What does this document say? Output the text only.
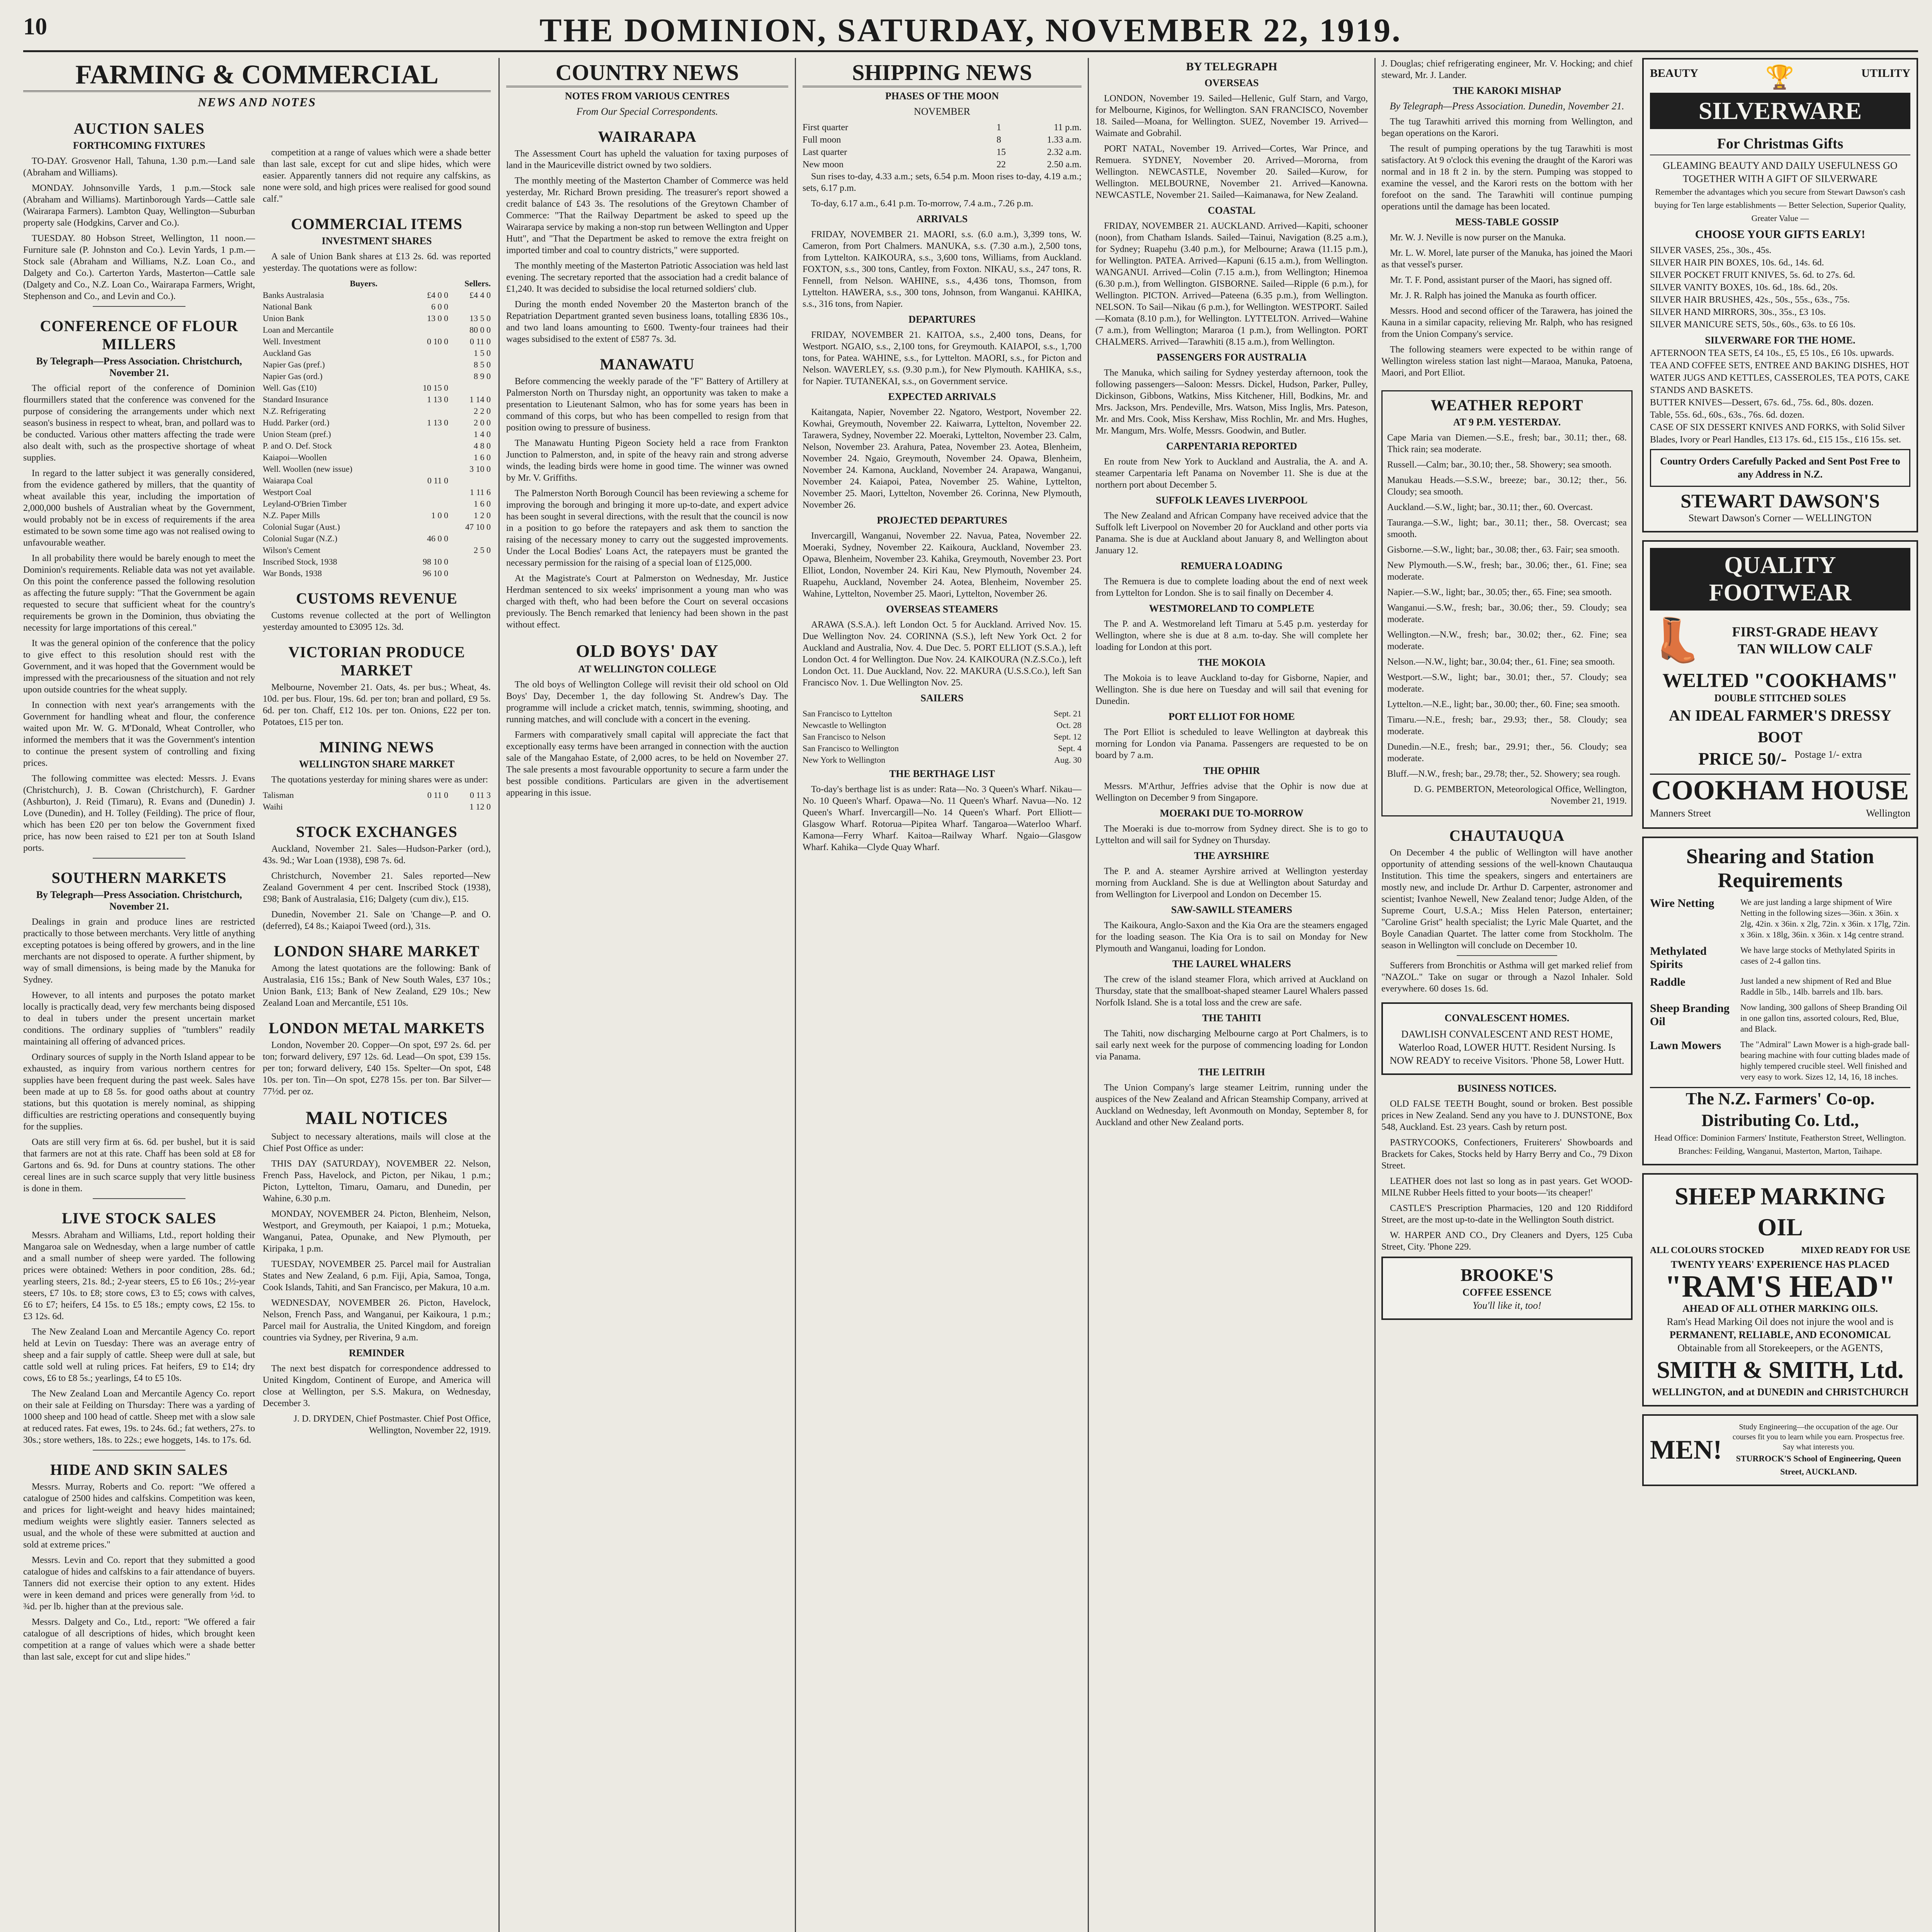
10	THE DOMINION, SATURDAY, NOVEMBER 22, 1919.
FARMING & COMMERCIAL
NEWS AND NOTES
AUCTION SALES
FORTHCOMING FIXTURES

TO-DAY. Grosvenor Hall, Tahuna, 1.30 p.m.—Land sale (Abraham and Williams).

MONDAY. Johnsonville Yards, 1 p.m.—Stock sale (Abraham and Williams). Martinborough Yards—Cattle sale (Wairarapa Farmers). Lambton Quay, Wellington—Suburban property sale (Hodgkins, Carver and Co.).

TUESDAY. 80 Hobson Street, Wellington, 11 noon.—Furniture sale (P. Johnston and Co.). Levin Yards, 1 p.m.—Stock sale (Abraham and Williams, N.Z. Loan Co., and Dalgety and Co.). Carterton Yards, Masterton—Cattle sale (Dalgety and Co., N.Z. Loan Co., Wairarapa Farmers, Wright, Stephenson and Co., and Levin and Co.).

CONFERENCE OF FLOUR MILLERS
By Telegraph—Press Association. Christchurch, November 21.

The official report of the conference of Dominion flourmillers stated that the conference was convened for the purpose of considering the arrangements under which next season's business in respect to wheat, bran, and pollard was to be conducted. Various other matters affecting the trade were also dealt with, such as the prospective shortage of wheat supplies.

In regard to the latter subject it was generally considered, from the evidence gathered by millers, that the quantity of wheat available this year, including the importation of 2,000,000 bushels of Australian wheat by the Government, would probably not be in excess of requirements if the area estimated to be sown some time ago was not realised owing to unfavourable weather.

In all probability there would be barely enough to meet the Dominion's requirements. Reliable data was not yet available. On this point the conference passed the following resolution as affecting the future supply: "That the Government be again requested to secure that sufficient wheat for the country's requirements be grown in the Dominion, thus obviating the necessity for large importations of this cereal."

It was the general opinion of the conference that the policy to give effect to this resolution should rest with the Government, and it was hoped that the Government would be impressed with the precariousness of the situation and not rely upon outside countries for the wheat supply.

In connection with next year's arrangements with the Government for handling wheat and flour, the conference waited upon Mr. W. G. M'Donald, Wheat Controller, who informed the members that it was the Government's intention to continue the present system of controlling and fixing prices.

The following committee was elected: Messrs. J. Evans (Christchurch), J. B. Cowan (Christchurch), F. Gardner (Ashburton), J. Reid (Timaru), R. Evans and (Dunedin) J. Love (Dunedin), and H. Tolley (Feilding). The price of flour, which has been £20 per ton below the Government fixed price, has now been raised to £21 per ton at South Island ports.

SOUTHERN MARKETS
By Telegraph—Press Association. Christchurch, November 21.

Dealings in grain and produce lines are restricted practically to those between merchants. Very little of anything excepting potatoes is being offered by growers, and in the line merchants are not disposed to operate. A further shipment, by way of small dimensions, is being made by the Manuka for Sydney.

However, to all intents and purposes the potato market locally is practically dead, very few merchants being disposed to deal in tubers under the present uncertain market conditions. The ordinary supplies of "tumblers" readily maintaining all offering of advanced prices.

Ordinary sources of supply in the North Island appear to be exhausted, as inquiry from various northern centres for supplies have been frequent during the past week. Sales have been made at up to £8 5s. for good oaths about at country stations, but this quotation is merely nominal, as shipping difficulties are restricting operations and consequently buying for the supplies.

Oats are still very firm at 6s. 6d. per bushel, but it is said that farmers are not at this rate. Chaff has been sold at £8 for Gartons and 6s. 9d. for Duns at country stations. The other cereal lines are in such scarce supply that very little business is done in them.

LIVE STOCK SALES

Messrs. Abraham and Williams, Ltd., report holding their Mangaroa sale on Wednesday, when a large number of cattle and a small number of sheep were yarded. The following prices were obtained: Wethers in poor condition, 28s. 6d.; yearling steers, 21s. 8d.; 2-year steers, £5 to £6 10s.; 2½-year steers, £7 10s. to £8; store cows, £3 to £5; cows with calves, £6 to £7; heifers, £4 15s. to £5 18s.; empty cows, £2 15s. to £3 12s. 6d.

The New Zealand Loan and Mercantile Agency Co. report held at Levin on Tuesday: There was an average entry of sheep and a fair supply of cattle. Sheep were dull at sale, but cattle sold well at ruling prices. Fat heifers, £9 to £14; dry cows, £6 to £8 5s.; yearlings, £4 to £5 10s.

The New Zealand Loan and Mercantile Agency Co. report on their sale at Feilding on Thursday: There was a yarding of 1000 sheep and 100 head of cattle. Sheep met with a slow sale at reduced rates. Fat ewes, 19s. to 24s. 6d.; fat wethers, 27s. to 30s.; store wethers, 18s. to 22s.; ewe hoggets, 14s. to 17s. 6d.

HIDE AND SKIN SALES

Messrs. Murray, Roberts and Co. report: "We offered a catalogue of 2500 hides and calfskins. Competition was keen, and prices for light-weight and heavy hides maintained; medium weights were slightly easier. Tanners selected as usual, and the whole of these were submitted at auction and sold at extreme prices."

Messrs. Levin and Co. report that they submitted a good catalogue of hides and calfskins to a fair attendance of buyers. Tanners did not exercise their option to any extent. Hides were in keen demand and prices were generally from ½d. to ¾d. per lb. higher than at the previous sale.

Messrs. Dalgety and Co., Ltd., report: "We offered a fair catalogue of all descriptions of hides, which brought keen competition at a range of values which were a shade better than last sale, except for cut and slipe hides."

competition at a range of values which were a shade better than last sale, except for cut and slipe hides, which were easier. Apparently tanners did not require any calfskins, as none were sold, and high prices were realised for good sound calf."

COMMERCIAL ITEMS
INVESTMENT SHARES

A sale of Union Bank shares at £13 2s. 6d. was reported yesterday. The quotations were as follow:

Buyers.	Sellers.
Banks Australasia	£4 0 0	£4 4 0
National Bank	6 0 0
Union Bank	13 0 0	13 5 0
Loan and Mercantile	80 0 0
Well. Investment	0 10 0	0 11 0
Auckland Gas	1 5 0
Napier Gas (pref.)	8 5 0
Napier Gas (ord.)	8 9 0
Well. Gas (£10)	10 15 0
Standard Insurance	1 13 0	1 14 0
N.Z. Refrigerating	2 2 0
Hudd. Parker (ord.)	1 13 0	2 0 0
Union Steam (pref.)	1 4 0
P. and O. Def. Stock	4 8 0
Kaiapoi—Woollen	1 6 0
Well. Woollen (new issue)	3 10 0
Waiarapa Coal	0 11 0
Westport Coal	1 11 6
Leyland-O'Brien Timber	1 6 0
N.Z. Paper Mills	1 0 0	1 2 0
Colonial Sugar (Aust.)	47 10 0
Colonial Sugar (N.Z.)	46 0 0
Wilson's Cement	2 5 0
Inscribed Stock, 1938	98 10 0
War Bonds, 1938	96 10 0
CUSTOMS REVENUE

Customs revenue collected at the port of Wellington yesterday amounted to £3095 12s. 3d.

VICTORIAN PRODUCE MARKET

Melbourne, November 21. Oats, 4s. per bus.; Wheat, 4s. 10d. per bus. Flour, 19s. 6d. per ton; bran and pollard, £9 5s. 6d. per ton. Chaff, £12 10s. per ton. Onions, £22 per ton. Potatoes, £15 per ton.

MINING NEWS
WELLINGTON SHARE MARKET

The quotations yesterday for mining shares were as under:

Talisman	0 11 0	0 11 3
Waihi	1 12 0
STOCK EXCHANGES

Auckland, November 21. Sales—Hudson-Parker (ord.), 43s. 9d.; War Loan (1938), £98 7s. 6d.

Christchurch, November 21. Sales reported—New Zealand Government 4 per cent. Inscribed Stock (1938), £98; Bank of Australasia, £16; Dalgety (cum div.), £15.

Dunedin, November 21. Sale on 'Change—P. and O. (deferred), £4 8s.; Kaiapoi Tweed (ord.), 31s.

LONDON SHARE MARKET

Among the latest quotations are the following: Bank of Australasia, £16 15s.; Bank of New South Wales, £37 10s.; Union Bank, £13; Bank of New Zealand, £29 10s.; New Zealand Loan and Mercantile, £51 10s.

LONDON METAL MARKETS

London, November 20. Copper—On spot, £97 2s. 6d. per ton; forward delivery, £97 12s. 6d. Lead—On spot, £39 15s. per ton; forward delivery, £40 15s. Spelter—On spot, £48 10s. per ton. Tin—On spot, £278 15s. per ton. Bar Silver—77½d. per oz.

MAIL NOTICES

Subject to necessary alterations, mails will close at the Chief Post Office as under:

THIS DAY (SATURDAY), NOVEMBER 22. Nelson, French Pass, Havelock, and Picton, per Nikau, 1 p.m.; Picton, Lyttelton, Timaru, Oamaru, and Dunedin, per Wahine, 6.30 p.m.

MONDAY, NOVEMBER 24. Picton, Blenheim, Nelson, Westport, and Greymouth, per Kaiapoi, 1 p.m.; Motueka, Wanganui, Patea, Opunake, and New Plymouth, per Kiripaka, 1 p.m.

TUESDAY, NOVEMBER 25. Parcel mail for Australian States and New Zealand, 6 p.m. Fiji, Apia, Samoa, Tonga, Cook Islands, Tahiti, and San Francisco, per Makura, 10 a.m.

WEDNESDAY, NOVEMBER 26. Picton, Havelock, Nelson, French Pass, and Wanganui, per Kaikoura, 1 p.m.; Parcel mail for Australia, the United Kingdom, and foreign countries via Sydney, per Riverina, 9 a.m.

REMINDER

The next best dispatch for correspondence addressed to United Kingdom, Continent of Europe, and America will close at Wellington, per S.S. Makura, on Wednesday, December 3.

J. D. DRYDEN, Chief Postmaster. Chief Post Office, Wellington, November 22, 1919.

COUNTRY NEWS
NOTES FROM VARIOUS CENTRES
From Our Special Correspondents.
WAIRARAPA

The Assessment Court has upheld the valuation for taxing purposes of land in the Mauriceville district owned by two soldiers.

The monthly meeting of the Masterton Chamber of Commerce was held yesterday, Mr. Richard Brown presiding. The treasurer's report showed a credit balance of £43 3s. The resolutions of the Greytown Chamber of Commerce: "That the Railway Department be asked to speed up the Wairarapa service by making a non-stop run between Wellington and Upper Hutt", and "That the Department be asked to remove the extra freight on imported timber and coal to country districts," were supported.

The monthly meeting of the Masterton Patriotic Association was held last evening. The secretary reported that the association had a credit balance of £1,240. It was decided to subsidise the local returned soldiers' club.

During the month ended November 20 the Masterton branch of the Repatriation Department granted seven business loans, totalling £836 10s., and two land loans amounting to £600. Twenty-four trainees had their wages subsidised to the extent of £587 7s. 3d.

MANAWATU

Before commencing the weekly parade of the "F" Battery of Artillery at Palmerston North on Thursday night, an opportunity was taken to make a presentation to Lieutenant Salmon, who has for some years has been in command of this corps, but who has been compelled to resign from that position owing to pressure of business.

The Manawatu Hunting Pigeon Society held a race from Frankton Junction to Palmerston, and, in spite of the heavy rain and strong adverse winds, the leading birds were home in good time. The winner was owned by Mr. V. Griffiths.

The Palmerston North Borough Council has been reviewing a scheme for improving the borough and bringing it more up-to-date, and expert advice has been sought in several directions, with the result that the council is now in a position to go before the ratepayers and ask them to sanction the raising of the necessary money to carry out the suggested improvements. Under the Local Bodies' Loans Act, the ratepayers must be granted the necessary permission for the raising of a special loan of £125,000.

At the Magistrate's Court at Palmerston on Wednesday, Mr. Justice Herdman sentenced to six weeks' imprisonment a young man who was charged with theft, who had been before the Court on several occasions previously. The Bench remarked that leniency had been shown in the past without effect.

OLD BOYS' DAY
AT WELLINGTON COLLEGE

The old boys of Wellington College will revisit their old school on Old Boys' Day, December 1, the day following St. Andrew's Day. The programme will include a cricket match, tennis, swimming, shooting, and running matches, and will conclude with a concert in the evening.

Farmers with comparatively small capital will appreciate the fact that exceptionally easy terms have been arranged in connection with the auction sale of the Mangahao Estate, of 2,000 acres, to be held on November 27. The sale presents a most favourable opportunity to secure a farm under the best possible conditions. Particulars are given in the advertisement appearing in this issue.

SHIPPING NEWS
PHASES OF THE MOON
NOVEMBER
First quarter	1	11 p.m.
Full moon	8	1.33 a.m.
Last quarter	15	2.32 a.m.
New moon	22	2.50 a.m.

Sun rises to-day, 4.33 a.m.; sets, 6.54 p.m. Moon rises to-day, 4.19 a.m.; sets, 6.17 p.m.

To-day, 6.17 a.m., 6.41 p.m. To-morrow, 7.4 a.m., 7.26 p.m.

ARRIVALS

FRIDAY, NOVEMBER 21. MAORI, s.s. (6.0 a.m.), 3,399 tons, W. Cameron, from Port Chalmers. MANUKA, s.s. (7.30 a.m.), 2,500 tons, from Lyttelton. KAIKOURA, s.s., 3,600 tons, Williams, from Auckland. FOXTON, s.s., 300 tons, Cantley, from Foxton. NIKAU, s.s., 247 tons, R. Fennell, from Nelson. WAHINE, s.s., 4,436 tons, Thomson, from Lyttelton. HAWERA, s.s., 300 tons, Johnson, from Wanganui. KAHIKA, s.s., 316 tons, from Napier.

DEPARTURES

FRIDAY, NOVEMBER 21. KAITOA, s.s., 2,400 tons, Deans, for Westport. NGAIO, s.s., 2,100 tons, for Greymouth. KAIAPOI, s.s., 1,700 tons, for Patea. WAHINE, s.s., for Lyttelton. MAORI, s.s., for Picton and Nelson. WAVERLEY, s.s. (9.30 p.m.), for New Plymouth. KAHIKA, s.s., for Napier. TUTANEKAI, s.s., on Government service.

EXPECTED ARRIVALS

Kaitangata, Napier, November 22. Ngatoro, Westport, November 22. Kowhai, Greymouth, November 22. Kaiwarra, Lyttelton, November 22. Tarawera, Sydney, November 22. Moeraki, Lyttelton, November 23. Calm, Nelson, November 23. Arahura, Patea, November 23. Aotea, Blenheim, November 24. Ngaio, Greymouth, November 24. Opawa, Blenheim, November 24. Kamona, Auckland, November 24. Arapawa, Wanganui, November 24. Kaiapoi, Patea, November 25. Wahine, Lyttelton, November 25. Maori, Lyttelton, November 26. Corinna, New Plymouth, November 26.

PROJECTED DEPARTURES

Invercargill, Wanganui, November 22. Navua, Patea, November 22. Moeraki, Sydney, November 22. Kaikoura, Auckland, November 23. Opawa, Blenheim, November 23. Kahika, Greymouth, November 23. Port Elliot, London, November 24. Kiri Kau, New Plymouth, November 24. Ruapehu, Auckland, November 24. Aotea, Blenheim, November 25. Wahine, Lyttelton, November 25. Maori, Lyttelton, November 26.

OVERSEAS STEAMERS

ARAWA (S.S.A.). left London Oct. 5 for Auckland. Arrived Nov. 15. Due Wellington Nov. 24. CORINNA (S.S.), left New York Oct. 2 for Auckland and Australia, Nov. 4. Due Dec. 5. PORT ELLIOT (S.S.A.), left London Oct. 4 for Wellington. Due Nov. 24. KAIKOURA (N.Z.S.Co.), left London Oct. 11. Due Auckland, Nov. 22. MAKURA (U.S.S.Co.), left San Francisco Nov. 1. Due Wellington Nov. 25.

SAILERS
San Francisco to Lyttelton	Sept. 21
Newcastle to Wellington	Oct. 28
San Francisco to Nelson	Sept. 12
San Francisco to Wellington	Sept. 4
New York to Wellington	Aug. 30
THE BERTHAGE LIST

To-day's berthage list is as under: Rata—No. 3 Queen's Wharf. Nikau—No. 10 Queen's Wharf. Opawa—No. 11 Queen's Wharf. Navua—No. 12 Queen's Wharf. Invercargill—No. 14 Queen's Wharf. Port Elliott—Glasgow Wharf. Rotorua—Pipitea Wharf. Tangaroa—Waterloo Wharf. Kamona—Ferry Wharf. Kaitoa—Railway Wharf. Ngaio—Glasgow Wharf. Kahika—Clyde Quay Wharf.

BY TELEGRAPH
OVERSEAS

LONDON, November 19. Sailed—Hellenic, Gulf Starn, and Vargo, for Melbourne, Kiginos, for Wellington. SAN FRANCISCO, November 18. Sailed—Moana, for Wellington. SUEZ, November 19. Arrived—Waimate and Gobrahil.

PORT NATAL, November 19. Arrived—Cortes, War Prince, and Remuera. SYDNEY, November 20. Arrived—Mororna, from Wellington. NEWCASTLE, November 20. Sailed—Kurow, for Wellington. MELBOURNE, November 21. Arrived—Kanowna. NEWCASTLE, November 21. Sailed—Kaimanawa, for New Zealand.

COASTAL

FRIDAY, NOVEMBER 21. AUCKLAND. Arrived—Kapiti, schooner (noon), from Chatham Islands. Sailed—Tainui, Navigation (8.25 a.m.), for Sydney; Ruapehu (3.40 p.m.), for Melbourne; Arawa (11.15 p.m.), for Wellington. PATEA. Arrived—Kapuni (6.15 a.m.), from Wellington. WANGANUI. Arrived—Colin (7.15 a.m.), from Wellington; Hinemoa (6.30 p.m.), from Wellington. GISBORNE. Sailed—Ripple (6 p.m.), for Wellington. PICTON. Arrived—Pateena (6.35 p.m.), from Wellington. NELSON. To Sail—Nikau (6 p.m.), for Wellington. WESTPORT. Sailed—Komata (8.10 p.m.), for Wellington. LYTTELTON. Arrived—Wahine (7 a.m.), from Wellington; Mararoa (1 p.m.), from Wellington. PORT CHALMERS. Arrived—Tarawhiti (8.15 a.m.), from Wellington.

PASSENGERS FOR AUSTRALIA

The Manuka, which sailing for Sydney yesterday afternoon, took the following passengers—Saloon: Messrs. Dickel, Hudson, Parker, Pulley, Dickinson, Gibbons, Watkins, Miss Kitchener, Hill, Bodkins, Mr. and Mrs. Jackson, Mrs. Pendeville, Mrs. Watson, Miss Inglis, Mrs. Pateson, Mr. and Mrs. Cook, Miss Kershaw, Miss Rochlin, Mr. and Mrs. Hughes, Mr. Mangum, Mrs. Wolfe, Messrs. Goodwin, and Butler.

CARPENTARIA REPORTED

En route from New York to Auckland and Australia, the A. and A. steamer Carpentaria left Panama on November 11. She is due at the northern port about December 5.

SUFFOLK LEAVES LIVERPOOL

The New Zealand and African Company have received advice that the Suffolk left Liverpool on November 20 for Auckland and other ports via Panama. She is due at Auckland about January 8, and Wellington about January 12.

REMUERA LOADING

The Remuera is due to complete loading about the end of next week from Lyttelton for London. She is to sail finally on December 4.

WESTMORELAND TO COMPLETE

The P. and A. Westmoreland left Timaru at 5.45 p.m. yesterday for Wellington, where she is due at 8 a.m. to-day. She will complete her loading for London at this port.

THE MOKOIA

The Mokoia is to leave Auckland to-day for Gisborne, Napier, and Wellington. She is due here on Tuesday and will sail that evening for Dunedin.

PORT ELLIOT FOR HOME

The Port Elliot is scheduled to leave Wellington at daybreak this morning for London via Panama. Passengers are requested to be on board by 7 a.m.

THE OPHIR

Messrs. M'Arthur, Jeffries advise that the Ophir is now due at Wellington on December 9 from Singapore.

MOERAKI DUE TO-MORROW

The Moeraki is due to-morrow from Sydney direct. She is to go to Lyttelton and will sail for Sydney on Thursday.

THE AYRSHIRE

The P. and A. steamer Ayrshire arrived at Wellington yesterday morning from Auckland. She is due at Wellington about Saturday and from Wellington for Liverpool and London on December 15.

SAW-SAWILL STEAMERS

The Kaikoura, Anglo-Saxon and the Kia Ora are the steamers engaged for the loading season. The Kia Ora is to sail on Monday for New Plymouth and Wanganui, loading for London.

THE LAUREL WHALERS

The crew of the island steamer Flora, which arrived at Auckland on Thursday, state that the smallboat-shaped steamer Laurel Whalers passed Norfolk Island. She is a total loss and the crew are safe.

THE TAHITI

The Tahiti, now discharging Melbourne cargo at Port Chalmers, is to sail early next week for the purpose of commencing loading for London via Panama.

THE LEITRIH

The Union Company's large steamer Leitrim, running under the auspices of the New Zealand and African Steamship Company, arrived at Auckland on Wednesday, left Avonmouth on Monday, September 8, for Auckland and other New Zealand ports.

J. Douglas; chief refrigerating engineer, Mr. V. Hocking; and chief steward, Mr. J. Lander.

THE KAROKI MISHAP
By Telegraph—Press Association. Dunedin, November 21.

The tug Tarawhiti arrived this morning from Wellington, and began operations on the Karori.

The result of pumping operations by the tug Tarawhiti is most satisfactory. At 9 o'clock this evening the draught of the Karori was normal and in 18 ft 2 in. by the stern. Pumping was stopped to examine the vessel, and the Karori rests on the bottom with her forefoot on the sand. The Tarawhiti will continue pumping operations until the damage has been located.

MESS-TABLE GOSSIP

Mr. W. J. Neville is now purser on the Manuka.

Mr. L. W. Morel, late purser of the Manuka, has joined the Maori as that vessel's purser.

Mr. T. F. Pond, assistant purser of the Maori, has signed off.

Mr. J. R. Ralph has joined the Manuka as fourth officer.

Messrs. Hood and second officer of the Tarawera, has joined the Kauna in a similar capacity, relieving Mr. Ralph, who has resigned from the Union Company's service.

The following steamers were expected to be within range of Wellington wireless station last night—Maraoa, Manuka, Patoena, Maori, and Port Elliot.

WEATHER REPORT
AT 9 P.M. YESTERDAY.

Cape Maria van Diemen.—S.E., fresh; bar., 30.11; ther., 68. Thick rain; sea moderate.

Russell.—Calm; bar., 30.10; ther., 58. Showery; sea smooth.

Manukau Heads.—S.S.W., breeze; bar., 30.12; ther., 56. Cloudy; sea smooth.

Auckland.—S.W., light; bar., 30.11; ther., 60. Overcast.

Tauranga.—S.W., light; bar., 30.11; ther., 58. Overcast; sea smooth.

Gisborne.—S.W., light; bar., 30.08; ther., 63. Fair; sea smooth.

New Plymouth.—S.W., fresh; bar., 30.06; ther., 61. Fine; sea moderate.

Napier.—S.W., light; bar., 30.05; ther., 65. Fine; sea smooth.

Wanganui.—S.W., fresh; bar., 30.06; ther., 59. Cloudy; sea moderate.

Wellington.—N.W., fresh; bar., 30.02; ther., 62. Fine; sea moderate.

Nelson.—N.W., light; bar., 30.04; ther., 61. Fine; sea smooth.

Westport.—S.W., light; bar., 30.01; ther., 57. Cloudy; sea moderate.

Lyttelton.—N.E., light; bar., 30.00; ther., 60. Fine; sea smooth.

Timaru.—N.E., fresh; bar., 29.93; ther., 58. Cloudy; sea moderate.

Dunedin.—N.E., fresh; bar., 29.91; ther., 56. Cloudy; sea moderate.

Bluff.—N.W., fresh; bar., 29.78; ther., 52. Showery; sea rough.

D. G. PEMBERTON, Meteorological Office, Wellington, November 21, 1919.

CHAUTAUQUA

On December 4 the public of Wellington will have another opportunity of attending sessions of the well-known Chautauqua Institution. This time the speakers, singers and entertainers are mostly new, and include Dr. Arthur D. Carpenter, astronomer and scientist; Ivanhoe Newell, New Zealand tenor; Judge Alden, of the Supreme Court, U.S.A.; Miss Helen Paterson, entertainer; "Caroline Grist" health specialist; the Lyric Male Quartet, and the Boyle Canadian Quartet. The latter come from Stockholm. The season in Wellington will conclude on December 10.

Sufferers from Bronchitis or Asthma will get marked relief from "NAZOL." Take on sugar or through a Nazol Inhaler. Sold everywhere. 60 doses 1s. 6d.

CONVALESCENT HOMES.
DAWLISH CONVALESCENT AND REST HOME, Waterloo Road, LOWER HUTT. Resident Nursing. Is NOW READY to receive Visitors. 'Phone 58, Lower Hutt.
BUSINESS NOTICES.

OLD FALSE TEETH Bought, sound or broken. Best possible prices in New Zealand. Send any you have to J. DUNSTONE, Box 548, Auckland. Est. 23 years. Cash by return post.

PASTRYCOOKS, Confectioners, Fruiterers' Showboards and Brackets for Cakes, Stocks held by Harry Berry and Co., 79 Dixon Street.

LEATHER does not last so long as in past years. Get WOOD-MILNE Rubber Heels fitted to your boots—'its cheaper!'

CASTLE'S Prescription Pharmacies, 120 and 120 Riddiford Street, are the most up-to-date in the Wellington South district.

W. HARPER AND CO., Dry Cleaners and Dyers, 125 Cuba Street, City. 'Phone 229.

BROOKE'S
COFFEE ESSENCE
You'll like it, too!
BEAUTY	🏆	UTILITY
SILVERWARE
For Christmas Gifts
GLEAMING BEAUTY AND DAILY USEFULNESS GO TOGETHER WITH A GIFT OF SILVERWARE
Remember the advantages which you secure from Stewart Dawson's cash buying for Ten large establishments — Better Selection, Superior Quality, Greater Value —
CHOOSE YOUR GIFTS EARLY!
SILVER VASES, 25s., 30s., 45s.
SILVER HAIR PIN BOXES, 10s. 6d., 14s. 6d.
SILVER POCKET FRUIT KNIVES, 5s. 6d. to 27s. 6d.
SILVER VANITY BOXES, 10s. 6d., 18s. 6d., 20s.
SILVER HAIR BRUSHES, 42s., 50s., 55s., 63s., 75s.
SILVER HAND MIRRORS, 30s., 35s., £3 10s.
SILVER MANICURE SETS, 50s., 60s., 63s. to £6 10s.
SILVERWARE FOR THE HOME.
AFTERNOON TEA SETS, £4 10s., £5, £5 10s., £6 10s. upwards.
TEA AND COFFEE SETS, ENTREE AND BAKING DISHES, HOT WATER JUGS AND KETTLES, CASSEROLES, TEA POTS, CAKE STANDS AND BASKETS.
BUTTER KNIVES—Dessert, 67s. 6d., 75s. 6d., 80s. dozen.
Table, 55s. 6d., 60s., 63s., 76s. 6d. dozen.
CASE OF SIX DESSERT KNIVES AND FORKS, with Solid Silver Blades, Ivory or Pearl Handles, £13 17s. 6d., £15 15s., £16 15s. set.
Country Orders Carefully Packed and Sent Post Free to any Address in N.Z.
STEWART DAWSON'S
Stewart Dawson's Corner — WELLINGTON
QUALITY FOOTWEAR
👢	FIRST-GRADE HEAVY
TAN WILLOW CALF
WELTED "COOKHAMS"
DOUBLE STITCHED SOLES
AN IDEAL FARMER'S DRESSY BOOT
PRICE 50/- Postage 1/- extra
COOKHAM HOUSE
Manners Street	Wellington
Shearing and Station Requirements
Wire Netting	We are just landing a large shipment of Wire Netting in the following sizes—36in. x 36in. x 2lg, 42in. x 36in. x 2lg, 72in. x 36in. x 17lg, 72in. x 36in. x 18lg, 36in. x 36in. x 14g centre strand.
Methylated Spirits
We have large stocks of Methylated Spirits in cases of 2-4 gallon tins.
Raddle	Just landed a new shipment of Red and Blue Raddle in 5lb., 14lb. barrels and 1lb. bars.
Sheep Branding Oil
Now landing, 300 gallons of Sheep Branding Oil in one gallon tins, assorted colours, Red, Blue, and Black.
Lawn Mowers	The "Admiral" Lawn Mower is a high-grade ball-bearing machine with four cutting blades made of highly tempered crucible steel. Well finished and very easy to work. Sizes 12, 14, 16, 18 inches.
The N.Z. Farmers' Co-op. Distributing Co. Ltd.,
Head Office: Dominion Farmers' Institute, Featherston Street, Wellington. Branches: Feilding, Wanganui, Masterton, Marton, Taihape.
SHEEP MARKING OIL
ALL COLOURS STOCKED	MIXED READY FOR USE
TWENTY YEARS' EXPERIENCE HAS PLACED
"RAM'S HEAD"
AHEAD OF ALL OTHER MARKING OILS.
Ram's Head Marking Oil does not injure the wool and is
PERMANENT, RELIABLE, AND ECONOMICAL
Obtainable from all Storekeepers, or the AGENTS,
SMITH & SMITH, Ltd.
WELLINGTON, and at DUNEDIN and CHRISTCHURCH
MEN!
Study Engineering—the occupation of the age. Our courses fit you to learn while you earn. Prospectus free. Say what interests you.
STURROCK'S School of Engineering, Queen Street, AUCKLAND.
